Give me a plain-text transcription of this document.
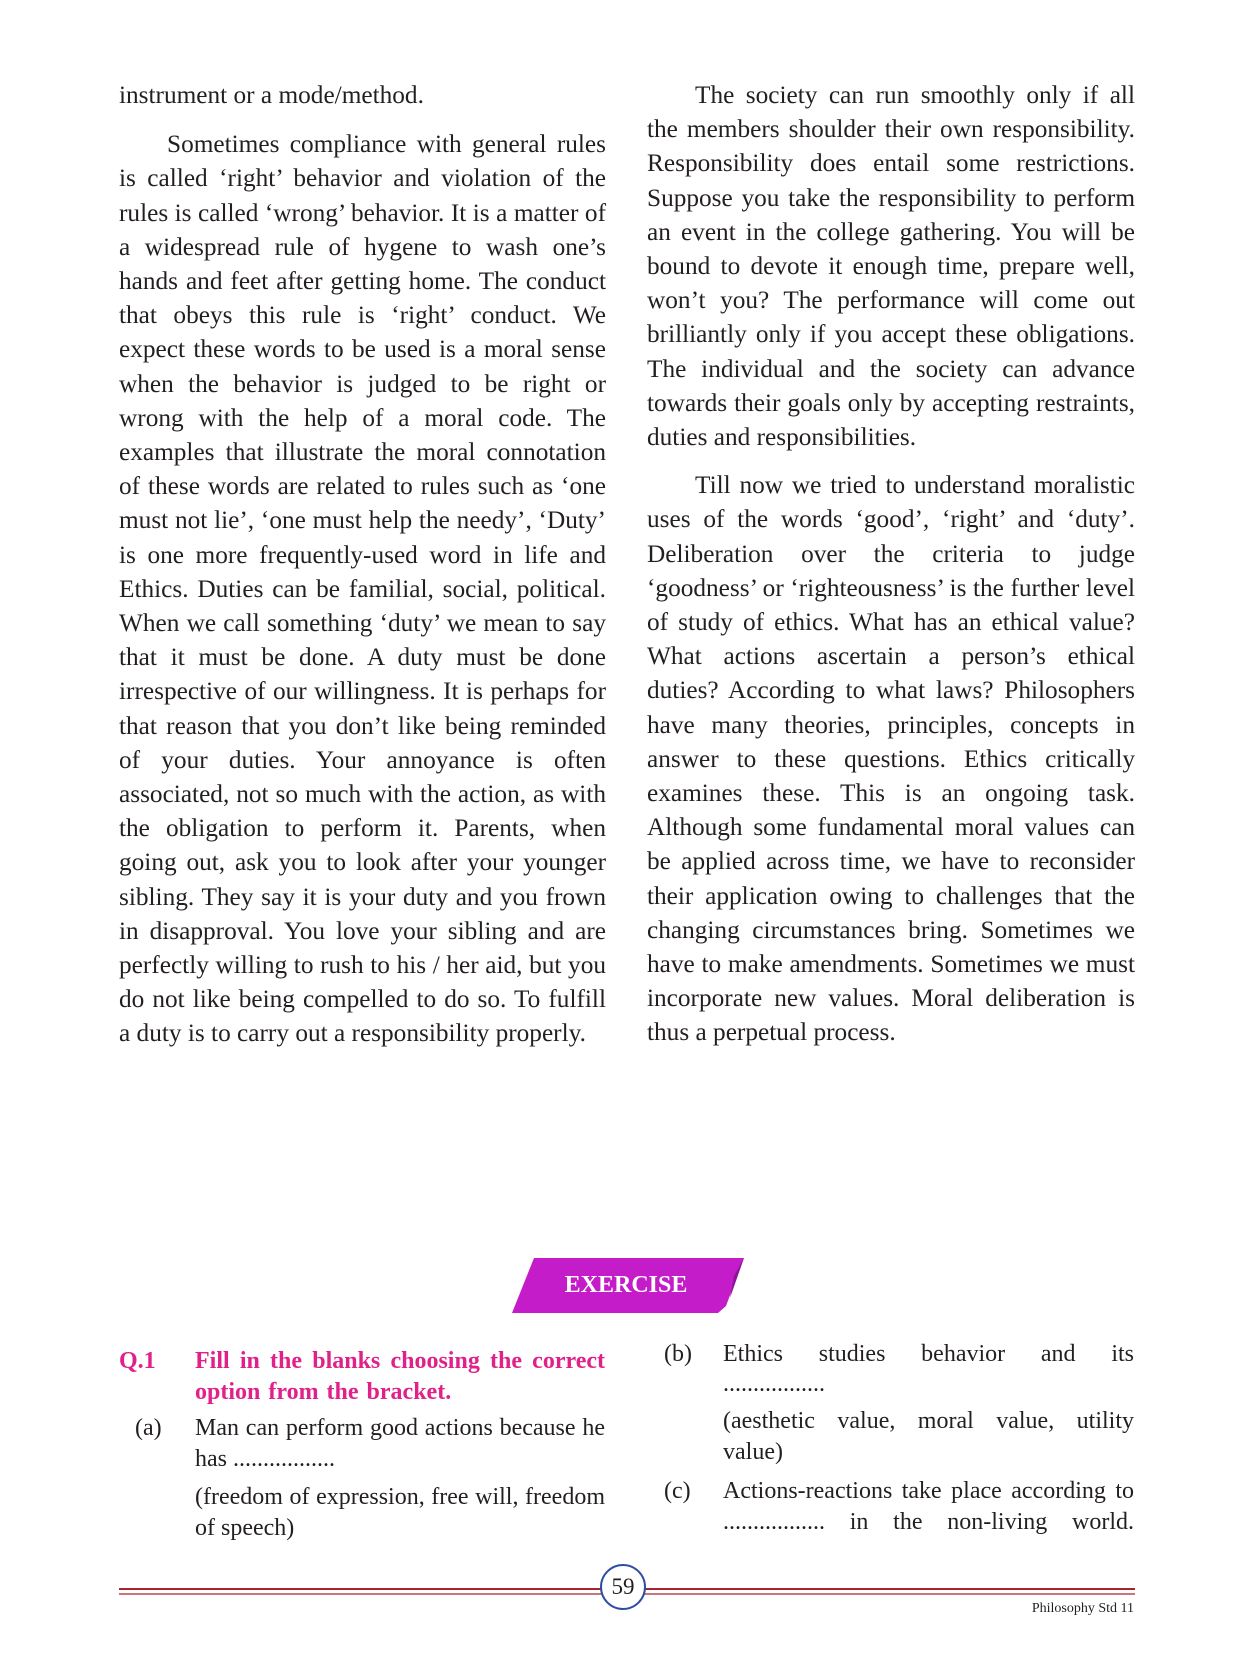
instrument or a mode/method.

Sometimes compliance with general rules is called ‘right’ behavior and violation of the rules is called ‘wrong’ behavior. It is a matter of a widespread rule of hygene to wash one’s hands and feet after getting home. The conduct that obeys this rule is ‘right’ conduct. We expect these words to be used is a moral sense when the behavior is judged to be right or wrong with the help of a moral code. The examples that illustrate the moral connotation of these words are related to rules such as ‘one must not lie’, ‘one must help the needy’, ‘Duty’ is one more frequently-used word in life and Ethics. Duties can be familial, social, political. When we call something ‘duty’ we mean to say that it must be done. A duty must be done irrespective of our willingness. It is perhaps for that reason that you don’t like being reminded of your duties. Your annoyance is often associated, not so much with the action, as with the obligation to perform it. Parents, when going out, ask you to look after your younger sibling. They say it is your duty and you frown in disapproval. You love your sibling and are perfectly willing to rush to his / her aid, but you do not like being compelled to do so. To fulfill a duty is to carry out a responsibility properly.

The society can run smoothly only if all the members shoulder their own responsibility. Responsibility does entail some restrictions. Suppose you take the responsibility to perform an event in the college gathering. You will be bound to devote it enough time, prepare well, won’t you? The performance will come out brilliantly only if you accept these obligations. The individual and the society can advance towards their goals only by accepting restraints, duties and responsibilities.

Till now we tried to understand moralistic uses of the words ‘good’, ‘right’ and ‘duty’. Deliberation over the criteria to judge ‘goodness’ or ‘righteousness’ is the further level of study of ethics. What has an ethical value? What actions ascertain a person’s ethical duties? According to what laws? Philosophers have many theories, principles, concepts in answer to these questions. Ethics critically examines these. This is an ongoing task. Although some fundamental moral values can be applied across time, we have to reconsider their application owing to challenges that the changing circumstances bring. Sometimes we have to make amendments. Sometimes we must incorporate new values. Moral deliberation is thus a perpetual process.

EXERCISE
Q.1 Fill in the blanks choosing the correct option from the bracket.
(a) Man can perform good actions because he has .................
(freedom of expression, free will, freedom of speech)
(b) Ethics studies behavior and its
.................
(aesthetic value, moral value, utility value)
(c) Actions-reactions take place according to ................. in the non-living world.
59
Philosophy Std 11
